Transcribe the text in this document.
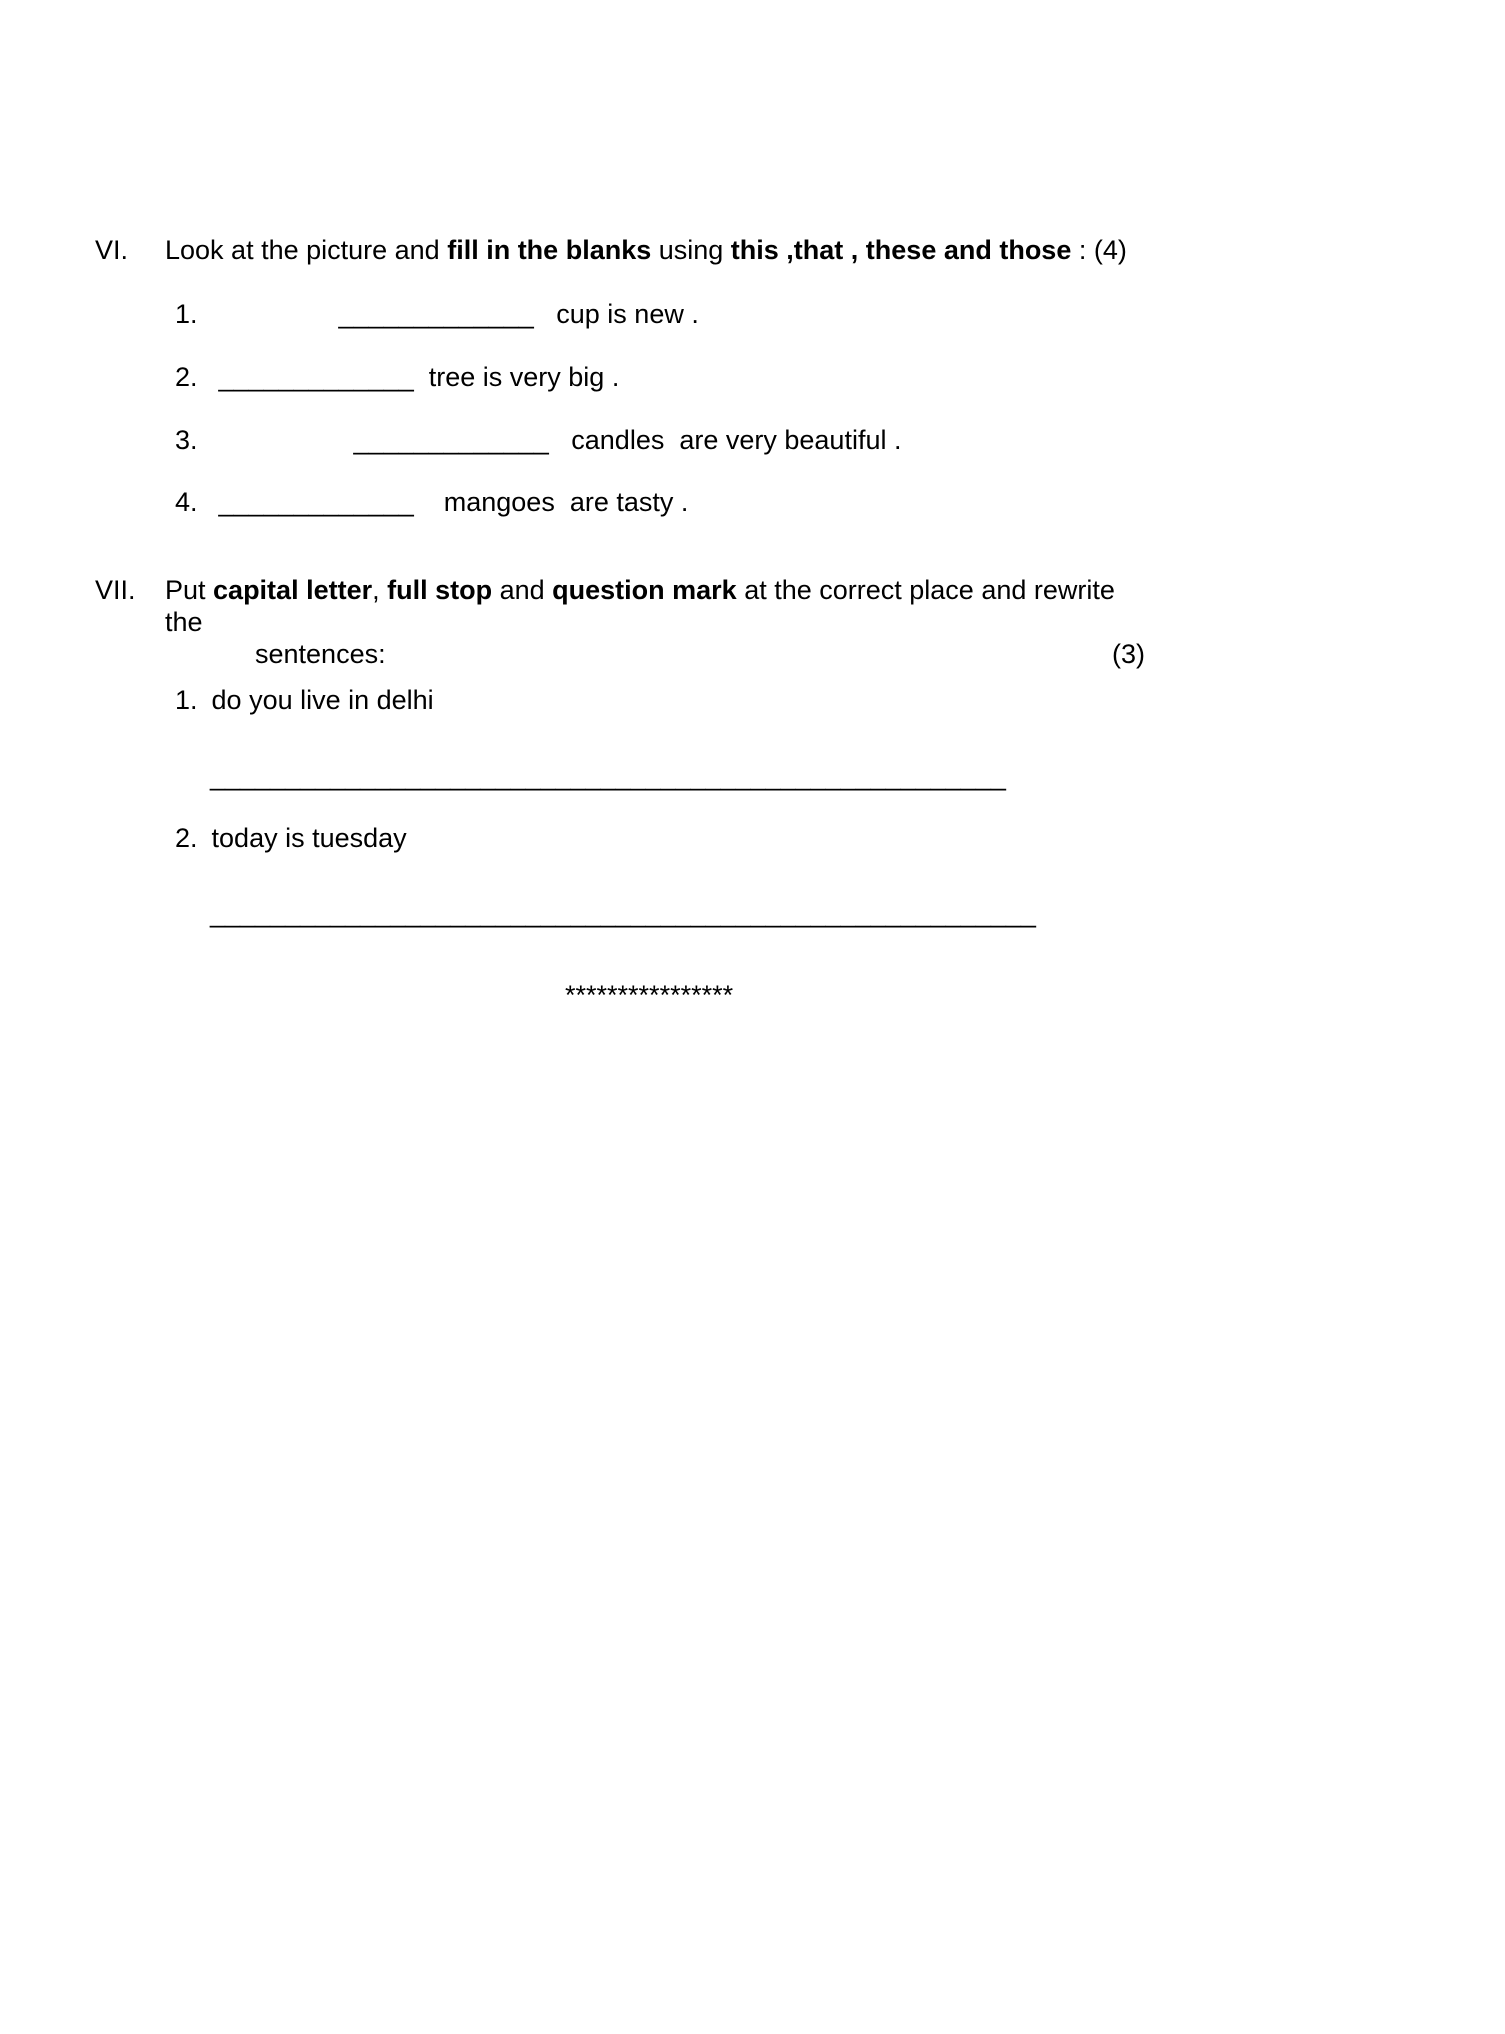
VI.	Look at the picture and fill in the blanks using this ,that , these and those : (4)
1.                  _____________   cup is new .
2.  _____________  tree is very big .
3.                    _____________   candles  are very beautiful .
4.  _____________    mangoes  are tasty .
VII.	Put capital letter, full stop and question mark at the correct place and rewrite the
sentences:	(3)
1. do you live in delhi
_____________________________________________________
2. today is tuesday
_______________________________________________________
****************
